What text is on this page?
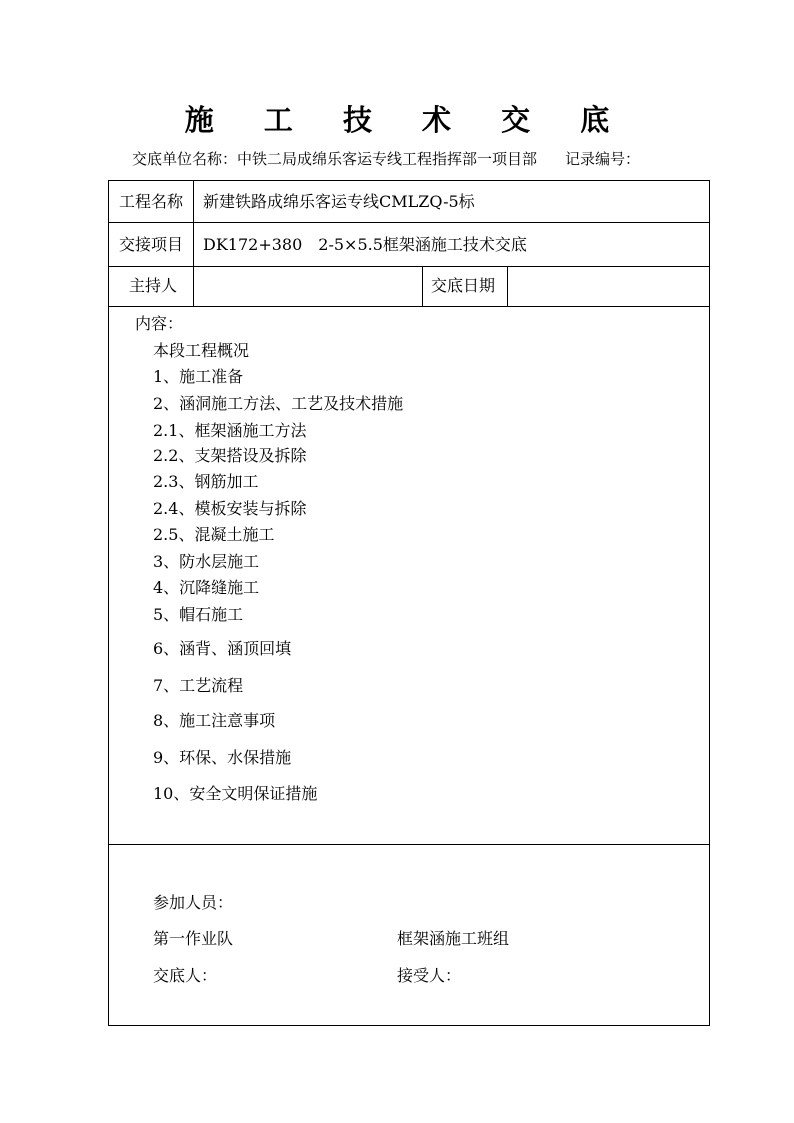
施 工 技 术 交 底
交底单位名称：中铁二局成绵乐客运专线工程指挥部一项目部 记录编号：
工程名称 新建铁路成绵乐客运专线CMLZQ-5标
交接项目 DK172+380　2-5×5.5框架涵施工技术交底
主持人	交底日期
内容：
本段工程概况
1、施工准备
2、涵洞施工方法、工艺及技术措施
2.1、框架涵施工方法
2.2、支架搭设及拆除
2.3、钢筋加工
2.4、模板安装与拆除
2.5、混凝土施工
3、防水层施工
4、沉降缝施工
5、帽石施工
6、涵背、涵顶回填
7、工艺流程
8、施工注意事项
9、环保、水保措施
10、安全文明保证措施
参加人员：
第一作业队	框架涵施工班组
交底人：	接受人：
